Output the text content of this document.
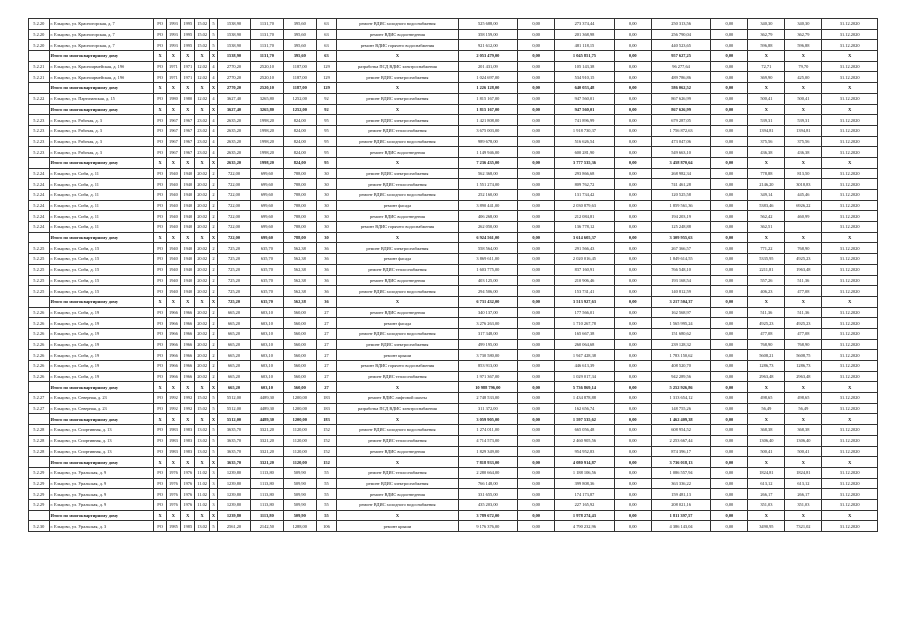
5.2.20	г. Ельцово, ул. Красногорская, д. 7	РО	1993	1995	15.02	5	1538,90	1131,70	395,60	63	ремонт ВДИС холодного водоснабжения	525 688,00	0,00	273 374,44	0,00	250 313,56	0,00	340,30	340,30	31.12.2020
5.2.20	г. Ельцово, ул. Красногорская, д. 7	РО	1993	1995	15.02	5	1538,90	1131,70	395,60	63	ремонт ВДИС водоотведения	358 159,00	0,00	201 368,98	0,00	256 790,04	0,00	362,79	362,79	31.12.2020
5.2.20	г. Ельцово, ул. Красногорская, д. 7	РО	1993	1995	15.02	5	1538,90	1131,70	395,60	63	ремонт ВДИС горячего водоснабжения	921 612,00	0,00	481 118,15	0,00	440 523,65	0,00	596,88	596,88	31.12.2020
	Итого по многоквартирному дому	X	X	X	X	X	1538,90	1131,70	395,60	63	X	2 053 479,00	0,00	1 045 851,75	0,00	957 627,25	0,00	X	X	X
5.2.21	г. Ельцово, ул. Красноармейская, д. 19б	РО	1971	1971	12.02	4	2770,20	2520,10	1187,00	129	разработка ПСД ВДИС электроснабжения	201 431,09	0,00	105 143,38	0,00	96 277,64	0,00	72,71	79,70	31.12.2020
5.2.21	г. Ельцово, ул. Красноармейская, д. 19б	РО	1971	1971	12.02	4	2770,20	2520,10	1187,00	129	ремонт ВДИС электроснабжения	1 024 697,00	0,00	534 910,15	0,00	489 786,86	0,00	369,90	425,00	31.12.2020
	Итого по многоквартирному дому	X	X	X	X	X	2770,20	2520,10	1187,00	129	X	1 226 128,00	0,00	640 053,48	0,00	586 062,52	0,00	X	X	X
5.2.22	г. Ельцово, ул. Партизанская, д. 15	РО	1980	1980	12.02	4	3627,40	3265,80	1252,00	92	ремонт ВДИС электроснабжения	1 815 167,00	0,00	947 560,01	0,00	867 626,99	0,00	500,41	500,41	31.12.2020
	Итого по многоквартирному дому	X	X	X	X	X	3627,40	3265,80	1252,00	92	X	1 815 167,00	0,00	947 560,01	0,00	867 626,99	0,00	X	X	X
5.2.23	г. Ельцово, ул. Рабочая, д. 3	РО	1967	1967	23.02	4	2635,20	1998,20	824,00	95	ремонт ВДИС электроснабжения	1 421 808,00	0,00	741 896,99	0,00	679 287,05	0,00	539,31	539,31	31.12.2020
5.2.23	г. Ельцово, ул. Рабочая, д. 3	РО	1967	1967	23.02	4	2635,20	1998,20	824,00	95	ремонт ВДИС теплоснабжения	3 675 003,00	0,00	1 918 730,37	0,00	1 756 872,63	0,00	1394,81	1394,81	31.12.2020
5.2.23	г. Ельцово, ул. Рабочая, д. 3	РО	1967	1967	23.02	4	2635,20	1998,20	824,00	95	ремонт ВДИС холодного водоснабжения	989 678,00	0,00	516 626,54	0,00	473 047,06	0,00	375,56	375,56	31.12.2020
5.2.23	г. Ельцово, ул. Рабочая, д. 3	РО	1967	1967	23.02	4	2635,20	1998,20	824,00	95	ремонт ВДИС водоотведения	1 149 946,00	0,00	600 281,90	0,00	549 663,10	0,00	436,38	436,38	31.12.2020
	Итого по многоквартирному дому	X	X	X	X	X	2635,20	1998,20	824,00	95	X	7 236 435,00	0,00	3 777 535,36	0,00	3 458 870,64	0,00	X	X	X
5.2.24	г. Ельцово, ул. Сиби, д. 11	РО	1940	1940	20.02	2	722,00	699,60	788,00	30	ремонт ВДИС электроснабжения	562 368,00	0,00	293 866,68	0,00	268 982,34	0,00	778,88	813,50	31.12.2020
5.2.24	г. Ельцово, ул. Сиби, д. 11	РО	1940	1940	20.02	2	722,00	699,60	788,00	30	ремонт ВДИС теплоснабжения	1 551 274,00	0,00	809 762,72	0,00	741 461,28	0,00	2146,20	3018,83	31.12.2020
5.2.24	г. Ельцово, ул. Сиби, д. 11	РО	1940	1940	20.02	2	722,00	699,60	788,00	30	ремонт ВДИС холодного водоснабжения	252 160,00	0,00	131 734,42	0,00	120 525,58	0,00	349,14	445,46	31.12.2020
5.2.24	г. Ельцово, ул. Сиби, д. 11	РО	1940	1940	20.02	2	722,00	699,60	788,00	30	ремонт фасада	3 890 441,00	0,00	2 030 879,63	0,00	1 859 561,36	0,00	5383,46	6926,22	31.12.2020
5.2.24	г. Ельцово, ул. Сиби, д. 11	РО	1940	1940	20.02	2	722,00	699,60	788,00	30	ремонт ВДИС водоотведения	406 268,00	0,00	212 084,81	0,00	194 203,19	0,00	562,42	460,99	31.12.2020
5.2.24	г. Ельцово, ул. Сиби, д. 11	РО	1940	1940	20.02	2	722,00	699,60	788,00	30	ремонт ВДИС горячего водоснабжения	262 050,00	0,00	136 778,12	0,00	125 248,88	0,00	362,51		31.12.2020
	Итого по многоквартирному дому	X	X	X	X	X	722,00	699,60	788,00	30	X	6 924 561,00	0,00	3 614 605,37	0,00	3 309 955,63	0,00	X	X	X
5.2.25	г. Ельцово, ул. Сиби, д. 15	РО	1940	1940	20.02	2	725,20	635,70	562,38	36	ремонт ВДИС электроснабжения	558 564,00	0,00	291 566,43	0,00	267 366,57	0,00	771,22	768,90	31.12.2020
5.2.25	г. Ельцово, ул. Сиби, д. 15	РО	1940	1940	20.02	2	725,20	635,70	562,38	36	ремонт фасада	3 869 611,00	0,00	2 020 016,45	0,00	1 849 614,55	0,00	5335,95	4925,23	31.12.2020
5.2.25	г. Ельцово, ул. Сиби, д. 15	РО	1940	1940	20.02	2	725,20	635,70	562,38	36	ремонт ВДИС теплоснабжения	1 603 775,00	0,00	837 160,91	0,00	766 548,10	0,00	2211,81	1963,48	31.12.2020
5.2.25	г. Ельцово, ул. Сиби, д. 15	РО	1940	1940	20.02	2	725,20	635,70	562,38	36	ремонт ВДИС водоотведения	403 125,00	0,00	210 906,46	0,00	193 168,54	0,00	557,26	511,36	31.12.2020
5.2.25	г. Ельцово, ул. Сиби, д. 15	РО	1940	1940	20.02	2	725,20	635,70	562,38	36	ремонт ВДИС холодного водоснабжения	294 506,00	0,00	153 731,41	0,00	140 812,59	0,00	406,23	477,08	31.12.2020
	Итого по многоквартирному дому	X	X	X	X	X	725,20	635,70	562,38	36	X	6 731 432,00	0,00	3 513 927,63	0,00	3 217 504,37	0,00	X	X	X
5.2.26	г. Ельцово, ул. Сиби, д. 19	РО	1966	1966	20.02	2	665,20	603,10	560,00	27	ремонт ВДИС водоотведения	340 137,00	0,00	177 566,01	0,00	162 568,97	0,00	511,36	511,36	31.12.2020
5.2.26	г. Ельцово, ул. Сиби, д. 19	РО	1966	1966	20.02	2	665,20	603,10	560,00	27	ремонт фасада	3 276 263,00	0,00	1 710 267,78	0,00	1 565 995,24	0,00	4925,23	4925,23	31.12.2020
5.2.26	г. Ельцово, ул. Сиби, д. 19	РО	1966	1966	20.02	2	665,20	603,10	560,00	27	ремонт ВДИС холодного водоснабжения	317 348,00	0,00	165 667,38	0,00	151 680,62	0,00	477,08	477,08	31.12.2020
5.2.26	г. Ельцово, ул. Сиби, д. 19	РО	1966	1966	20.02	2	665,20	603,10	560,00	27	ремонт ВДИС электроснабжения	499 195,00	0,00	260 064,68	0,00	239 128,32	0,00	768,90	768,90	31.12.2020
5.2.26	г. Ельцово, ул. Сиби, д. 19	РО	1966	1966	20.02	2	665,20	603,10	560,00	27	ремонт крыши	3 730 580,00	0,00	1 947 428,38	0,00	1 783 150,62	0,00	5608,21	5608,75	31.12.2020
5.2.26	г. Ельцово, ул. Сиби, д. 19	РО	1966	1966	20.02	2	665,20	603,10	560,00	27	ремонт ВДИС горячего водоснабжения	853 913,00	0,00	446 613,39	0,00	408 520,70	0,00	1286,73	1286,73	31.12.2020
5.2.26	г. Ельцово, ул. Сиби, д. 19	РО	1966	1966	20.02	2	665,20	603,10	560,00	27	ремонт ВДИС теплоснабжения	1 971 367,00	0,00	1 029 017,34	0,00	942 289,56	0,00	2963,48	2963,48	31.12.2020
	Итого по многоквартирному дому	X	X	X	X	X	665,20	603,10	560,00	27	X	10 988 796,00	0,00	5 736 869,14	0,00	5 252 926,86	0,00	X	X	X
5.2.27	г. Ельцово, ул. Северная, д. 23	РО	1992	1992	15.02	5	5512,00	4489,30	1200,00	183	ремонт ВДИС лифтовой шахты	2 748 533,00	0,00	1 434 878,88	0,00	1 313 654,12	0,00	498,65	498,65	31.12.2020
5.2.27	г. Ельцово, ул. Северная, д. 23	РО	1992	1992	15.02	5	5512,00	4489,30	1200,00	183	разработка ПСД ВДИС электроснабжения	311 372,00	0,00	162 656,74	0,00	148 755,26	0,00	56,49	56,49	31.12.2020
	Итого по многоквартирному дому	X	X	X	X	X	5512,00	4489,30	1200,00	183	X	3 059 905,00	0,00	1 597 535,62	0,00	1 462 409,38	0,00	X	X	X
5.2.28	г. Ельцово, ул. Спортивная, д. 13	РО	1983	1983	13.02	5	3635,70	3321,20	1120,00	152	ремонт ВДИС холодного водоснабжения	1 274 011,00	0,00	665 056,48	0,00	608 954,52	0,00	368,38	368,38	31.12.2020
5.2.28	г. Ельцово, ул. Спортивная, д. 13	РО	1983	1983	13.02	5	3635,70	3321,20	1120,00	152	ремонт ВДИС теплоснабжения	4 714 573,00	0,00	2 460 905,56	0,00	2 253 667,44	0,00	1306,40	1306,40	31.12.2020
5.2.28	г. Ельцово, ул. Спортивная, д. 13	РО	1983	1983	13.02	5	3635,70	3321,20	1120,00	152	ремонт ВДИС водоотведения	1 829 349,00	0,00	954 952,83	0,00	874 396,17	0,00	500,41	500,41	31.12.2020
	Итого по многоквартирному дому	X	X	X	X	X	3635,70	3321,20	1120,00	152	X	7 818 933,00	0,00	4 080 914,87	0,00	3 736 018,13	0,00	X	X	X
5.2.29	г. Ельцово, ул. Уральская, д. 9	РО	1976	1976	11.02	3	1239,80	1113,80	509,90	55	ремонт ВДИС теплоснабжения	2 280 664,00	0,00	1 188 106,56	0,00	1 086 557,94	0,00	1824,81	1824,81	31.12.2020
5.2.29	г. Ельцово, ул. Уральская, д. 9	РО	1976	1976	11.02	3	1239,80	1113,80	509,90	55	ремонт ВДИС электроснабжения	766 148,00	0,00	399 808,36	0,00	363 336,22	0,00	613,12	613,12	31.12.2020
5.2.29	г. Ельцово, ул. Уральская, д. 9	РО	1976	1976	11.02	3	1239,80	1113,80	509,90	55	ремонт ВДИС водоотведения	331 655,00	0,00	174 173,87	0,00	159 481,13	0,00	266,17	266,17	31.12.2020
5.2.29	г. Ельцово, ул. Уральская, д. 9	РО	1976	1976	11.02	3	1239,80	1113,80	509,90	55	ремонт ВДИС холодного водоснабжения	435 203,00	0,00	227 165,92	0,00	208 021,16	0,00	351,03	351,03	31.12.2020
	Итого по многоквартирному дому	X	X	X	X	X	1239,80	1113,80	509,90	55	X	3 789 672,00	0,00	1 978 274,43	0,00	1 811 397,57	0,00	X	X	X
5.2.30	г. Ельцово, ул. Уральская, д. 3	РО	1985	1985	13.02	5	2561,20	2142,50	1288,00	106	ремонт крыши	9 176 376,00	0,00	4 790 232,96	0,00	4 386 143,04	0,00	3490,95	7321,02	31.12.2020
